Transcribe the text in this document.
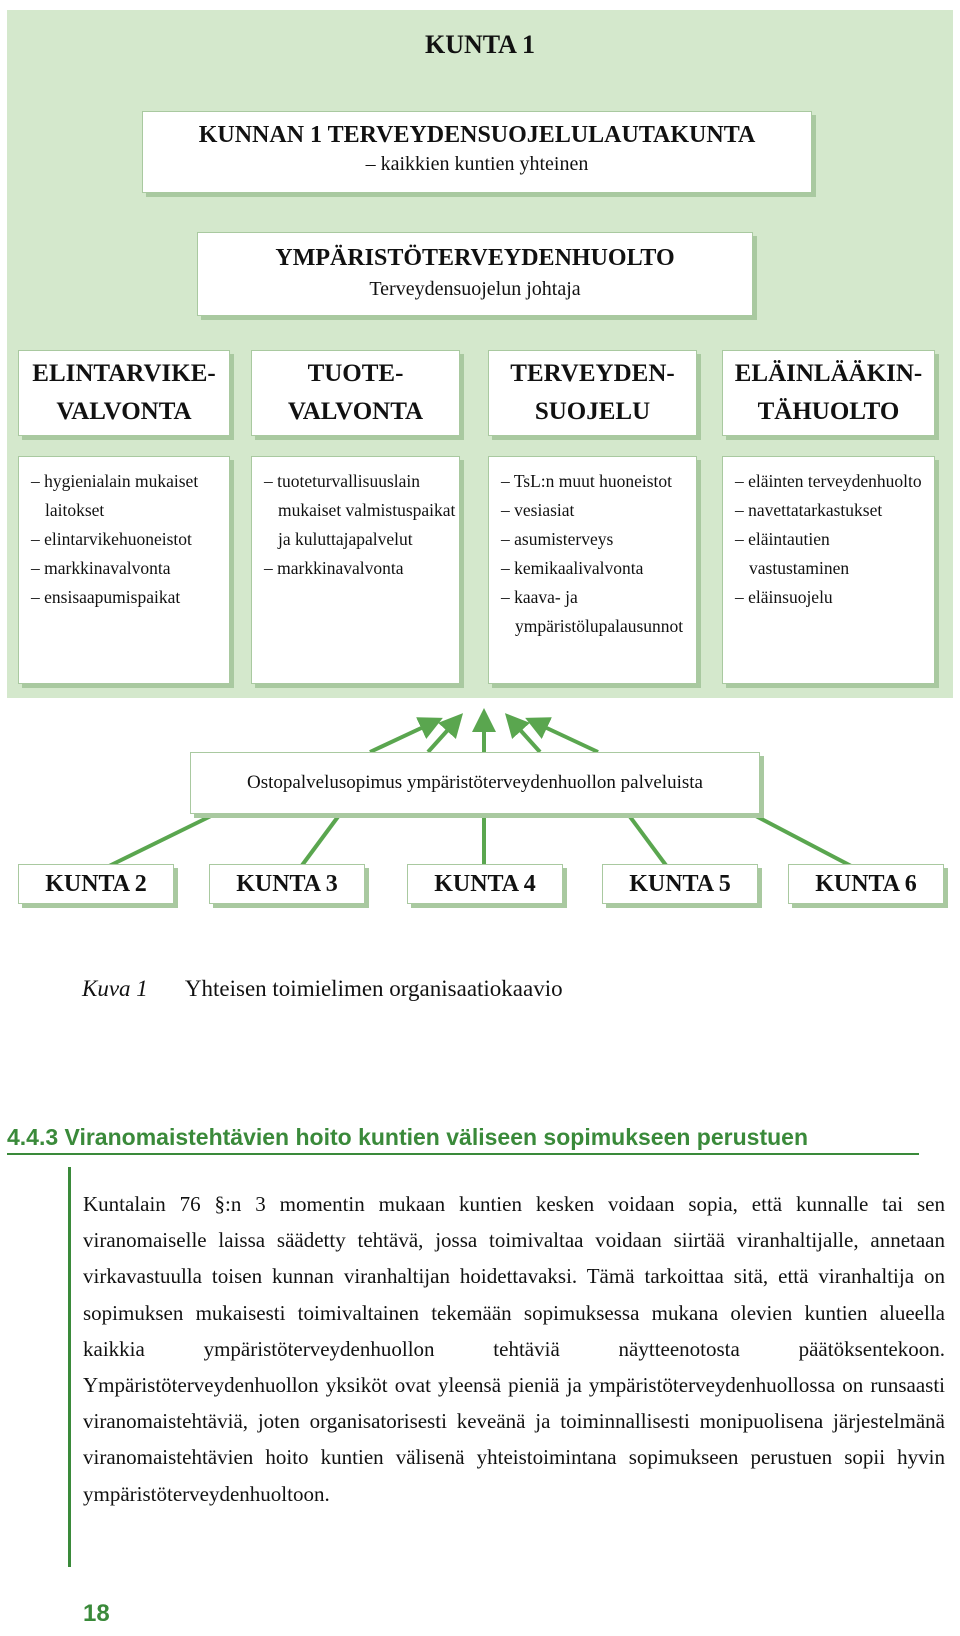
KUNTA 1
KUNNAN 1 TERVEYDENSUOJELULAUTAKUNTA
– kaikkien kuntien yhteinen
YMPÄRISTÖTERVEYDENHUOLTO
Terveydensuojelun johtaja
ELINTARVIKE-
VALVONTA
TUOTE-
VALVONTA
TERVEYDEN-
SUOJELU
ELÄINLÄÄKIN-
TÄHUOLTO
– hygienialain mukaiset laitokset
– elintarvikehuoneistot
– markkinavalvonta
– ensisaapumispaikat
– tuoteturvallisuuslain mukaiset valmistuspaikat ja kuluttajapalvelut
– markkinavalvonta
– TsL:n muut huoneistot
– vesiasiat
– asumisterveys
– kemikaalivalvonta
– kaava- ja ympäristölupalausunnot
– eläinten terveydenhuolto
– navettatarkastukset
– eläintautien vastustaminen
– eläinsuojelu
Ostopalvelusopimus ympäristöterveydenhuollon palveluista
KUNTA 2	KUNTA 3	KUNTA 4	KUNTA 5	KUNTA 6
Kuva 1 Yhteisen toimielimen organisaatiokaavio
4.4.3 Viranomaistehtävien hoito kuntien väliseen sopimukseen perustuen

Kuntalain 76 §:n 3 momentin mukaan kuntien kesken voidaan sopia, että kunnalle tai sen viranomaiselle laissa säädetty tehtävä, jossa toimivaltaa voidaan siirtää viranhaltijalle, annetaan virkavastuulla toisen kunnan viranhaltijan hoidettavaksi. Tämä tarkoittaa sitä, että viranhaltija on sopimuksen mukaisesti toimivaltainen tekemään sopimuksessa mukana olevien kuntien alueella kaikkia ympäristöterveydenhuollon tehtäviä näytteenotosta päätöksentekoon. Ympäristöterveydenhuollon yksiköt ovat yleensä pieniä ja ympäristöterveydenhuollossa on runsaasti viranomaistehtäviä, joten organisatorisesti keveänä ja toiminnallisesti monipuolisena järjestelmänä viranomaistehtävien hoito kuntien välisenä yhteistoimintana sopimukseen perustuen sopii hyvin ympäristöterveydenhuoltoon.

18
